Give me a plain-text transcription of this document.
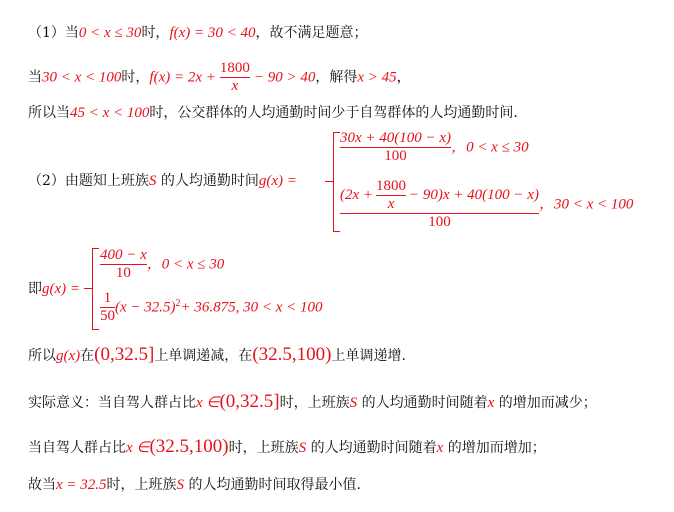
（1）当0 < x ≤ 30时，f(x) = 30 < 40，故不满足题意；
当30 < x < 100时，$f(x) = 2x + \frac{1800}{x} - 90 > 40$，解得x > 45，
所以当45 < x < 100时，公交群体的人均通勤时间少于自驾群体的人均通勤时间.
（2）由题知上班族S 的人均通勤时间g(x) =
$\frac{30x + 40(100 - x)}{100}$ ，0 < x ≤ 30
$\frac{(2x + \frac{1800}{x} - 90)x + 40(100 - x)}{100}$ ，30 < x < 100
即g(x) =
$\frac{400 - x}{10}$ ，0 < x ≤ 30
$\frac{1}{50} (x - 32.5)^2+ 36.875$, 30 < x < 100
所以g(x)在(0,32.5]上单调递减，在(32.5,100)上单调递增.
实际意义：当自驾人群占比x ∈(0,32.5]时，上班族S 的人均通勤时间随着x 的增加而减少；
当自驾人群占比x ∈(32.5,100)时，上班族S 的人均通勤时间随着x 的增加而增加；
故当x = 32.5时，上班族S 的人均通勤时间取得最小值.
